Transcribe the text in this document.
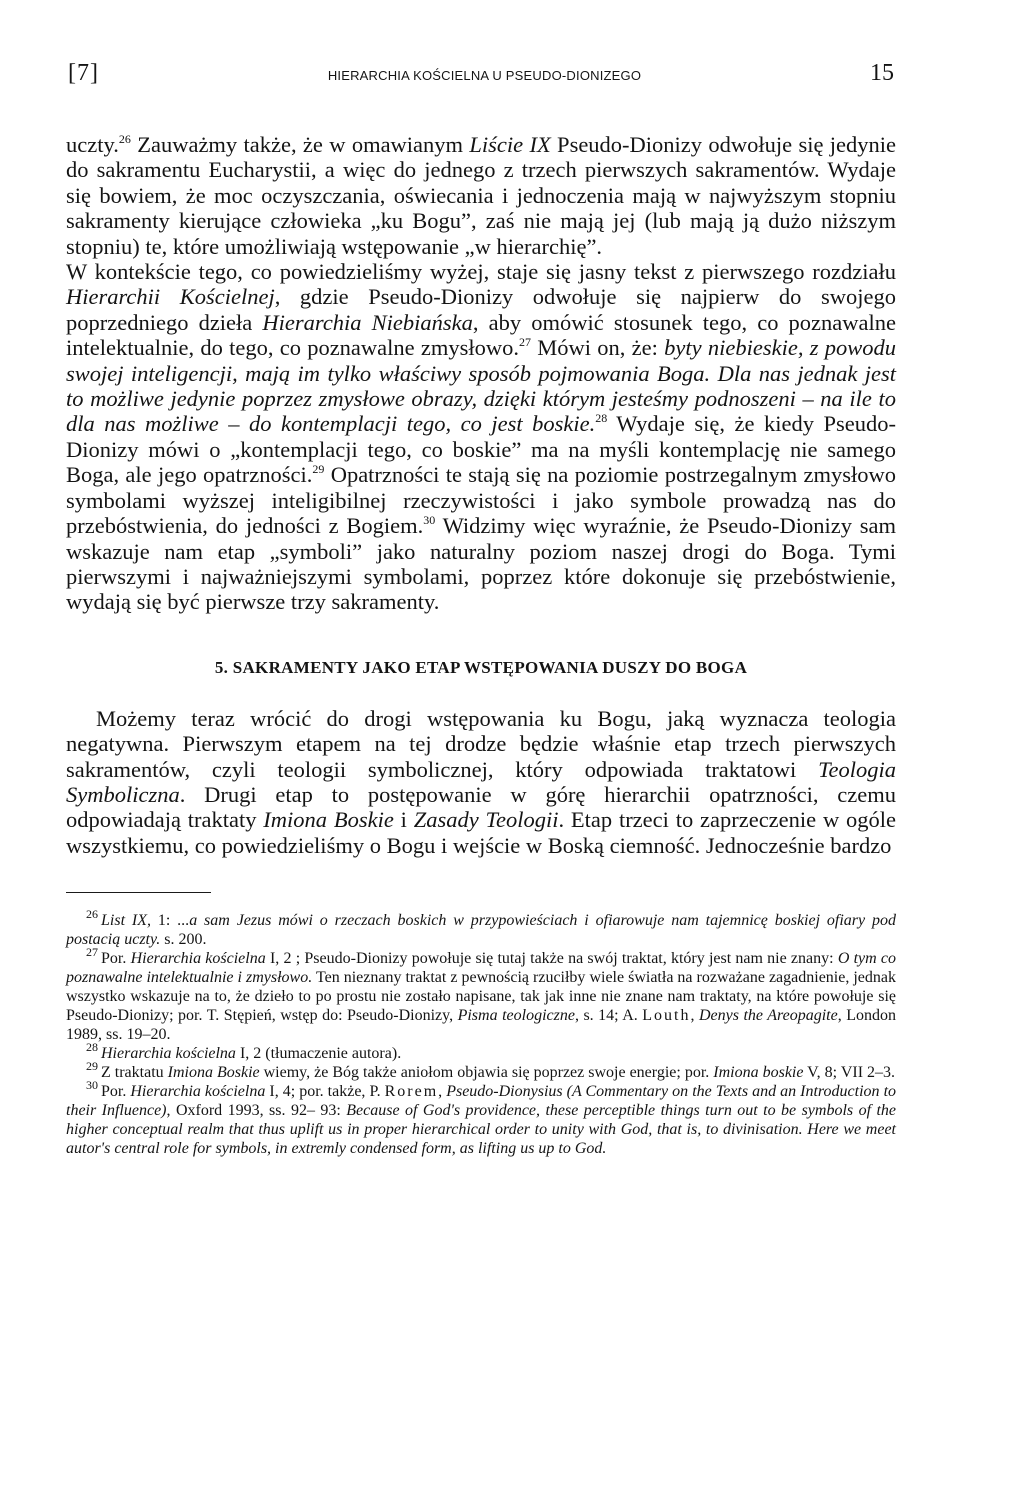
[7]	HIERARCHIA KOŚCIELNA U PSEUDO-DIONIZEGO	15

uczty.$^{26}$ Zauważmy także, że w omawianym Liście IX Pseudo-Dionizy odwołuje się jedynie do sakramentu Eucharystii, a więc do jednego z trzech pierwszych sakramentów. Wydaje się bowiem, że moc oczyszczania, oświecania i jednoczenia mają w najwyższym stopniu sakramenty kierujące człowieka „ku Bogu”, zaś nie mają jej (lub mają ją dużo niższym stopniu) te, które umożliwiają wstępowanie „w hierarchię”.

W kontekście tego, co powiedzieliśmy wyżej, staje się jasny tekst z pierwszego rozdziału Hierarchii Kościelnej, gdzie Pseudo-Dionizy odwołuje się najpierw do swojego poprzedniego dzieła Hierarchia Niebiańska, aby omówić stosunek tego, co poznawalne intelektualnie, do tego, co poznawalne zmysłowo.$^{27}$ Mówi on, że: byty niebieskie, z powodu swojej inteligencji, mają im tylko właściwy sposób pojmowania Boga. Dla nas jednak jest to możliwe jedynie poprzez zmysłowe obrazy, dzięki którym jesteśmy podnoszeni – na ile to dla nas możliwe – do kontemplacji tego, co jest boskie.$^{28}$ Wydaje się, że kiedy Pseudo-Dionizy mówi o „kontemplacji tego, co boskie” ma na myśli kontemplację nie samego Boga, ale jego opatrzności.$^{29}$ Opatrzności te stają się na poziomie postrzegalnym zmysłowo symbolami wyższej inteligibilnej rzeczywistości i jako symbole prowadzą nas do przebóstwienia, do jedności z Bogiem.$^{30}$ Widzimy więc wyraźnie, że Pseudo-Dionizy sam wskazuje nam etap „symboli” jako naturalny poziom naszej drogi do Boga. Tymi pierwszymi i najważniejszymi symbolami, poprzez które dokonuje się przebóstwienie, wydają się być pierwsze trzy sakramenty.

5. SAKRAMENTY JAKO ETAP WSTĘPOWANIA DUSZY DO BOGA

Możemy teraz wrócić do drogi wstępowania ku Bogu, jaką wyznacza teologia negatywna. Pierwszym etapem na tej drodze będzie właśnie etap trzech pierwszych sakramentów, czyli teologii symbolicznej, który odpowiada traktatowi Teologia Symboliczna. Drugi etap to postępowanie w górę hierarchii opatrzności, czemu odpowiadają traktaty Imiona Boskie i Zasady Teologii. Etap trzeci to zaprzeczenie w ogóle wszystkiemu, co powiedzieliśmy o Bogu i wejście w Boską ciemność. Jednocześnie bardzo

$^{26}$ List IX, 1: ...a sam Jezus mówi o rzeczach boskich w przypowieściach i ofiarowuje nam tajemnicę boskiej ofiary pod postacią uczty. s. 200.

$^{27}$ Por. Hierarchia kościelna I, 2 ; Pseudo-Dionizy powołuje się tutaj także na swój traktat, który jest nam nie znany: O tym co poznawalne intelektualnie i zmysłowo. Ten nieznany traktat z pewnością rzuciłby wiele światła na rozważane zagadnienie, jednak wszystko wskazuje na to, że dzieło to po prostu nie zostało napisane, tak jak inne nie znane nam traktaty, na które powołuje się Pseudo-Dionizy; por. T. Stępień, wstęp do: Pseudo-Dionizy, Pisma teologiczne, s. 14; A. Louth, Denys the Areopagite, London 1989, ss. 19–20.

$^{28}$ Hierarchia kościelna I, 2 (tłumaczenie autora).

$^{29}$ Z traktatu Imiona Boskie wiemy, że Bóg także aniołom objawia się poprzez swoje energie; por. Imiona boskie V, 8; VII 2–3.

$^{30}$ Por. Hierarchia kościelna I, 4; por. także, P. Rorem, Pseudo-Dionysius (A Commentary on the Texts and an Introduction to their Influence), Oxford 1993, ss. 92– 93: Because of God's providence, these perceptible things turn out to be symbols of the higher conceptual realm that thus uplift us in proper hierarchical order to unity with God, that is, to divinisation. Here we meet autor's central role for symbols, in extremly condensed form, as lifting us up to God.
